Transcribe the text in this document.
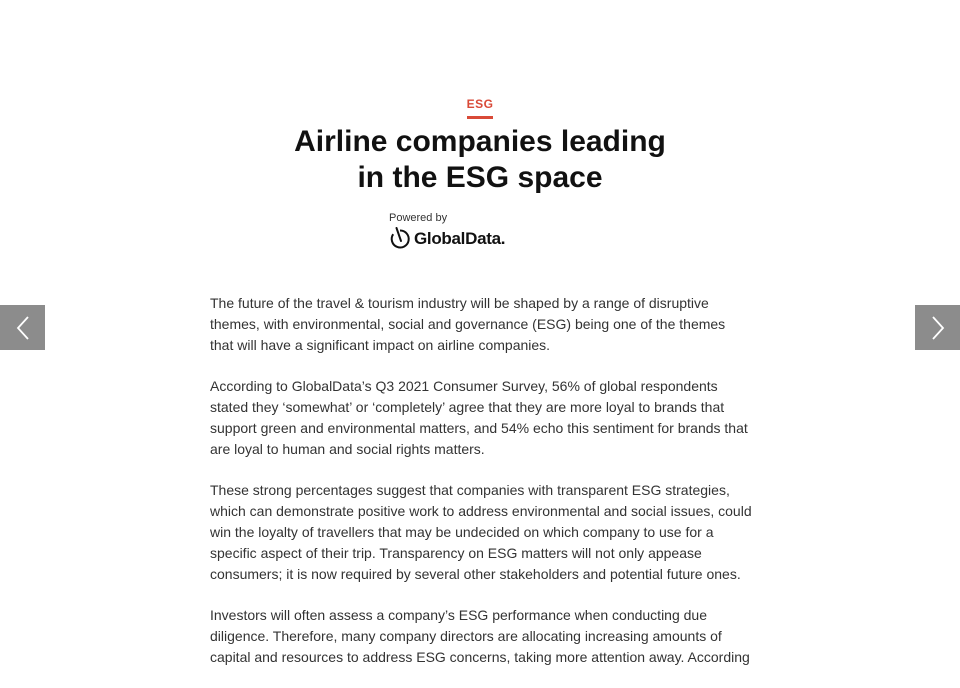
ESG
Airline companies leading
in the ESG space
Powered by
GlobalData.

The future of the travel & tourism industry will be shaped by a range of disruptive themes, with environmental, social and governance (ESG) being one of the themes that will have a significant impact on airline companies.

According to GlobalData’s Q3 2021 Consumer Survey, 56% of global respondents stated they ‘somewhat’ or ‘completely’ agree that they are more loyal to brands that support green and environmental matters, and 54% echo this sentiment for brands that are loyal to human and social rights matters.

These strong percentages suggest that companies with transparent ESG strategies, which can demonstrate positive work to address environmental and social issues, could win the loyalty of travellers that may be undecided on which company to use for a specific aspect of their trip. Transparency on ESG matters will not only appease consumers; it is now required by several other stakeholders and potential future ones.

Investors will often assess a company’s ESG performance when conducting due diligence. Therefore, many company directors are allocating increasing amounts of capital and resources to address ESG concerns, taking more attention away. According
